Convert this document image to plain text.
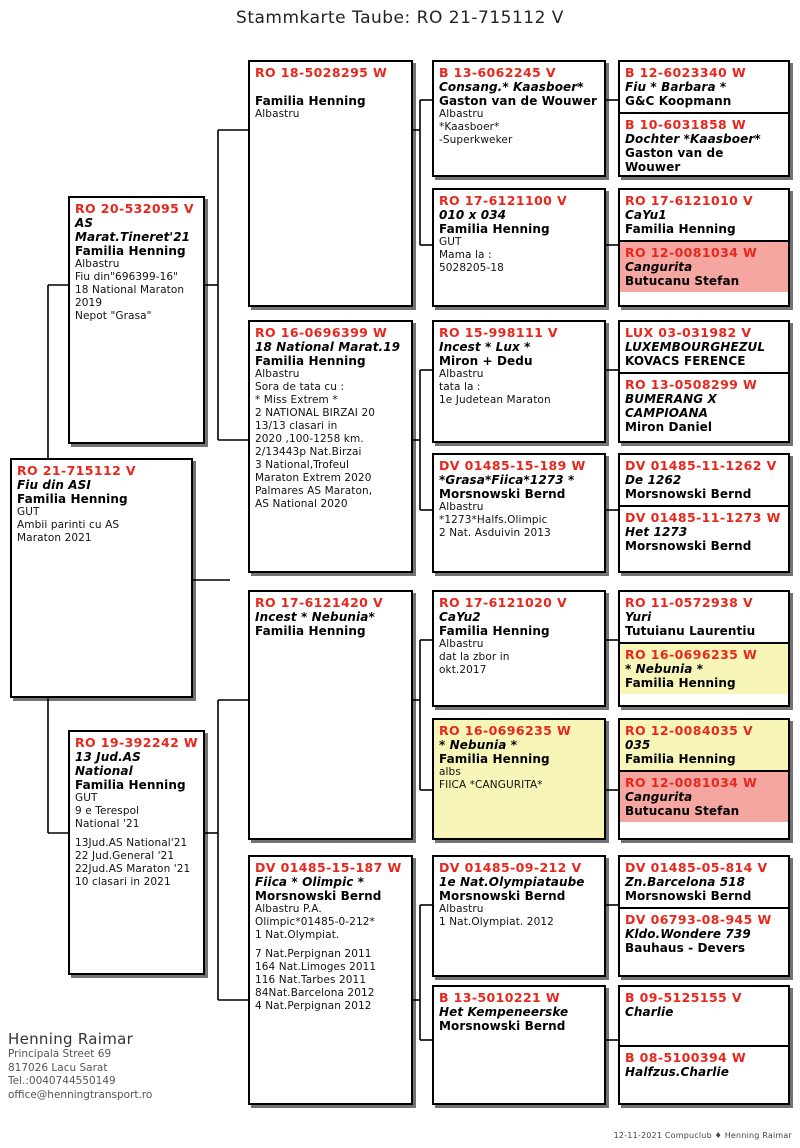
Stammkarte Taube: RO 21-715112 V
RO 21-715112 V
Fiu din ASI
Familia Henning
GUT
Ambii parinti cu AS
Maraton 2021
RO 20-532095 V
AS Marat.Tineret'21
Familia Henning
Albastru
Fiu din"696399-16"
18 National Maraton
2019
Nepot "Grasa"
RO 19-392242 W
13 Jud.AS National
Familia Henning
GUT
9 e Terespol
National '21
13Jud.AS National'21
22 Jud.General '21
22Jud.AS Maraton '21
10 clasari in 2021
RO 18-5028295 W
Familia Henning
Albastru
RO 16-0696399 W
18 National Marat.19
Familia Henning
Albastru
Sora de tata cu :
* Miss Extrem *
2 NATIONAL BIRZAI 20
13/13 clasari in
2020 ,100-1258 km.
2/13443p Nat.Birzai
3 National,Trofeul
Maraton Extrem 2020
Palmares AS Maraton,
AS National 2020
RO 17-6121420 V
Incest * Nebunia*
Familia Henning
DV 01485-15-187 W
Fiica * Olimpic *
Morsnowski Bernd
Albastru P.A.
Olimpic*01485-0-212*
1 Nat.Olympiat.
7 Nat.Perpignan 2011
164 Nat.Limoges 2011
116 Nat.Tarbes 2011
84Nat.Barcelona 2012
4 Nat.Perpignan 2012
B 13-6062245 V
Consang.* Kaasboer*
Gaston van de Wouwer
Albastru
*Kaasboer*
-Superkweker
RO 17-6121100 V
010 x 034
Familia Henning
GUT
Mama la :
5028205-18
RO 15-998111 V
Incest * Lux *
Miron + Dedu
Albastru
tata la :
1e Judetean Maraton
DV 01485-15-189 W
*Grasa*Fiica*1273 *
Morsnowski Bernd
Albastru
*1273*Halfs.Olimpic
2 Nat. Asduivin 2013
RO 17-6121020 V
CaYu2
Familia Henning
Albastru
dat la zbor in
okt.2017
RO 16-0696235 W
* Nebunia *
Familia Henning
albs
FIICA *CANGURITA*
DV 01485-09-212 V
1e Nat.Olympiataube
Morsnowski Bernd
Albastru
1 Nat.Olympiat. 2012
B 13-5010221 W
Het Kempeneerske
Morsnowski Bernd
B 12-6023340 W
Fiu * Barbara *
G&C Koopmann
B 10-6031858 W
Dochter *Kaasboer*
Gaston van de Wouwer
RO 17-6121010 V
CaYu1
Familia Henning
RO 12-0081034 W
Cangurita
Butucanu Stefan
LUX 03-031982 V
LUXEMBOURGHEZUL
KOVACS FERENCE
RO 13-0508299 W
BUMERANG X CAMPIOANA
Miron Daniel
DV 01485-11-1262 V
De 1262
Morsnowski Bernd
DV 01485-11-1273 W
Het 1273
Morsnowski Bernd
RO 11-0572938 V
Yuri
Tutuianu Laurentiu
RO 16-0696235 W
* Nebunia *
Familia Henning
RO 12-0084035 V
035
Familia Henning
RO 12-0081034 W
Cangurita
Butucanu Stefan
DV 01485-05-814 V
Zn.Barcelona 518
Morsnowski Bernd
DV 06793-08-945 W
Kldo.Wondere 739
Bauhaus - Devers
B 09-5125155 V
Charlie
B 08-5100394 W
Halfzus.Charlie
Henning Raimar
Principala Street 69
817026 Lacu Sarat
Tel.:0040744550149
office@henningtransport.ro
12-11-2021 Compuclub ♦ Henning Raimar
